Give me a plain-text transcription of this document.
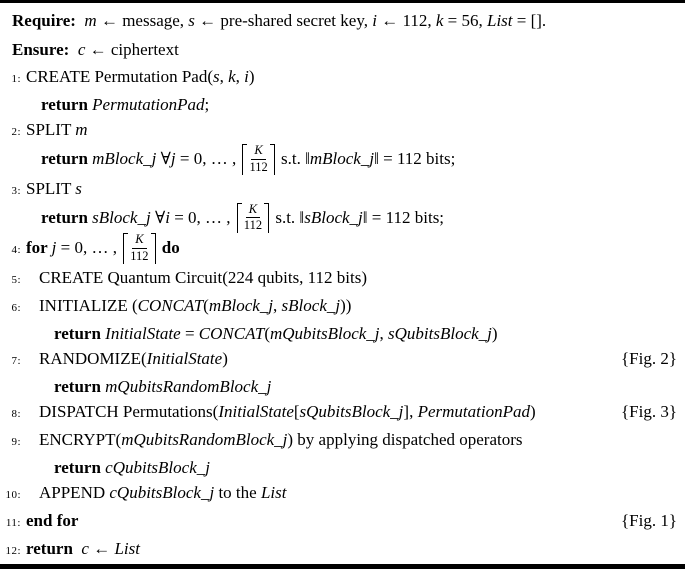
Require: m ← message, s ← pre-shared secret key, i ← 112, k = 56, List = [].
Ensure: c ← ciphertext
1: CREATE Permutation Pad(s, k, i)
return PermutationPad;
2: SPLIT m
return mBlock_j ∀j = 0, … , $\frac{K}{112} s.t$. ‖mBlock_j‖ = 112 bits;
3: SPLIT s
return sBlock_j ∀i = 0, … , $\frac{K}{112} s.t$. ‖sBlock_j‖ = 112 bits;
4: for j = 0, … , $\frac{K}{112}$ do
5: CREATE Quantum Circuit(224 qubits, 112 bits)
6: INITIALIZE (CONCAT(mBlock_j, sBlock_j))
return InitialState = CONCAT(mQubitsBlock_j, sQubitsBlock_j)
7: RANDOMIZE(InitialState)	{Fig. 2}
return mQubitsRandomBlock_j
8: DISPATCH Permutations(InitialState[sQubitsBlock_j], PermutationPad)	{Fig. 3}
9: ENCRYPT(mQubitsRandomBlock_j) by applying dispatched operators
return cQubitsBlock_j
10: APPEND cQubitsBlock_j to the List
11: end for	{Fig. 1}
12: return  c ← List
